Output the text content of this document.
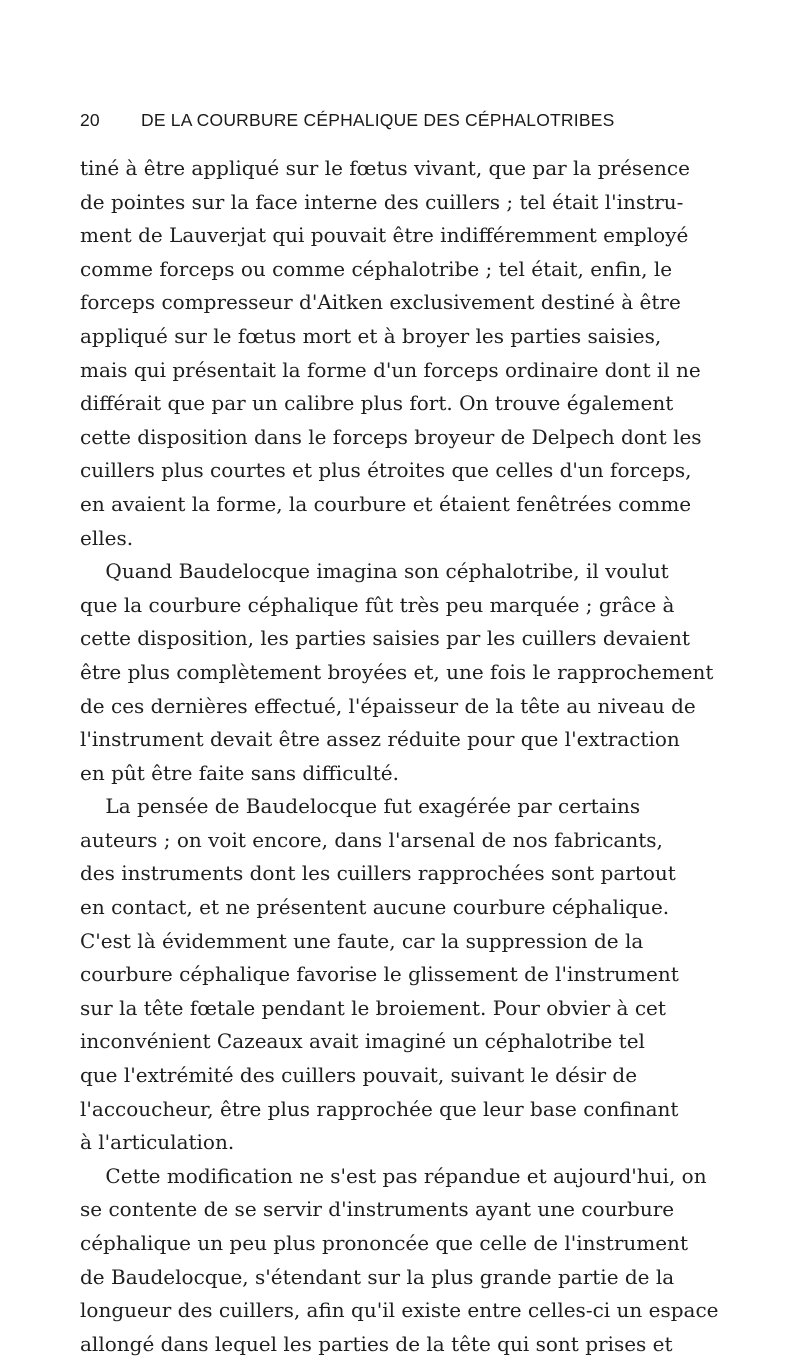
20 DE LA COURBURE CÉPHALIQUE DES CÉPHALOTRIBES
tiné à être appliqué sur le fœtus vivant, que par la présence
de pointes sur la face interne des cuillers ; tel était l'instru-
ment de Lauverjat qui pouvait être indifféremment employé
comme forceps ou comme céphalotribe ; tel était, enfin, le
forceps compresseur d'Aitken exclusivement destiné à être
appliqué sur le fœtus mort et à broyer les parties saisies,
mais qui présentait la forme d'un forceps ordinaire dont il ne
différait que par un calibre plus fort. On trouve également
cette disposition dans le forceps broyeur de Delpech dont les
cuillers plus courtes et plus étroites que celles d'un forceps,
en avaient la forme, la courbure et étaient fenêtrées comme
elles.
Quand Baudelocque imagina son céphalotribe, il voulut
que la courbure céphalique fût très peu marquée ; grâce à
cette disposition, les parties saisies par les cuillers devaient
être plus complètement broyées et, une fois le rapprochement
de ces dernières effectué, l'épaisseur de la tête au niveau de
l'instrument devait être assez réduite pour que l'extraction
en pût être faite sans difficulté.
La pensée de Baudelocque fut exagérée par certains
auteurs ; on voit encore, dans l'arsenal de nos fabricants,
des instruments dont les cuillers rapprochées sont partout
en contact, et ne présentent aucune courbure céphalique.
C'est là évidemment une faute, car la suppression de la
courbure céphalique favorise le glissement de l'instrument
sur la tête fœtale pendant le broiement. Pour obvier à cet
inconvénient Cazeaux avait imaginé un céphalotribe tel
que l'extrémité des cuillers pouvait, suivant le désir de
l'accoucheur, être plus rapprochée que leur base confinant
à l'articulation.
Cette modification ne s'est pas répandue et aujourd'hui, on
se contente de se servir d'instruments ayant une courbure
céphalique un peu plus prononcée que celle de l'instrument
de Baudelocque, s'étendant sur la plus grande partie de la
longueur des cuillers, afin qu'il existe entre celles-ci un espace
allongé dans lequel les parties de la tête qui sont prises et
